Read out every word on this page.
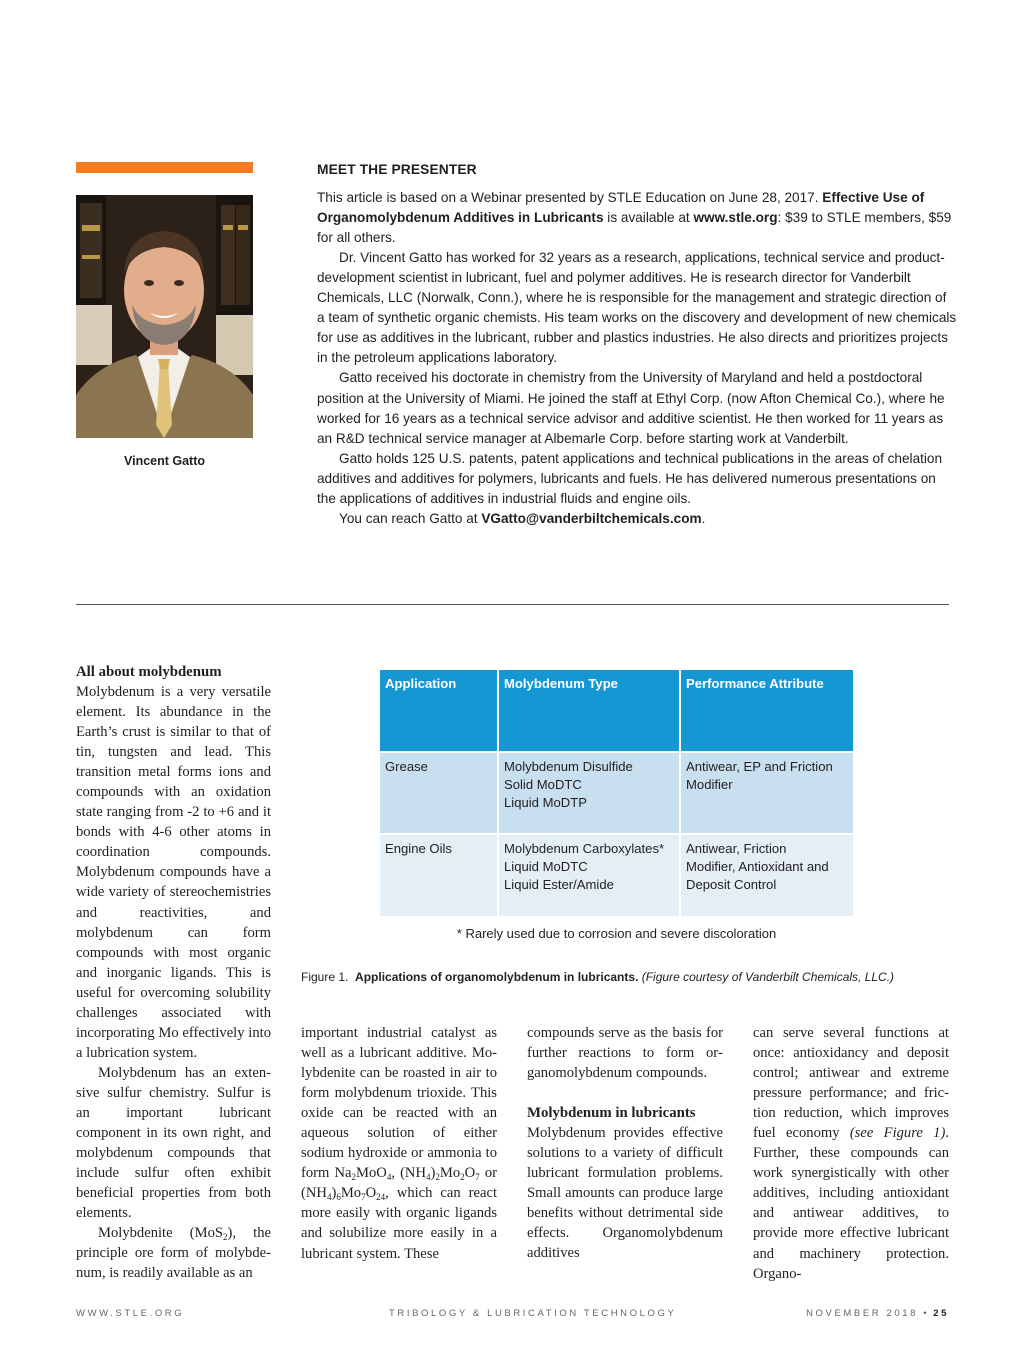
Vincent Gatto
MEET THE PRESENTER

This article is based on a Webinar presented by STLE Education on June 28, 2017. Effective Use of Organomolybdenum Additives in Lubricants is available at www.stle.org: $39 to STLE members, $59 for all others.

Dr. Vincent Gatto has worked for 32 years as a research, applications, technical service and product-development scientist in lubricant, fuel and polymer additives. He is research director for Vanderbilt Chemicals, LLC (Norwalk, Conn.), where he is responsible for the management and strategic direction of a team of synthetic organic chemists. His team works on the discovery and development of new chemicals for use as additives in the lubricant, rubber and plastics industries. He also directs and prioritizes projects in the petroleum applications laboratory.

Gatto received his doctorate in chemistry from the University of Maryland and held a postdoctoral position at the University of Miami. He joined the staff at Ethyl Corp. (now Afton Chemical Co.), where he worked for 16 years as a technical service advisor and additive scientist. He then worked for 11 years as an R&D technical service manager at Albemarle Corp. before starting work at Vanderbilt.

Gatto holds 125 U.S. patents, patent applications and technical publications in the areas of chelation additives and additives for polymers, lubricants and fuels. He has delivered numerous presentations on the applications of additives in industrial fluids and engine oils.

You can reach Gatto at VGatto@vanderbiltchemicals.com.

All about molybdenum

Molybdenum is a very versatile element. Its abundance in the Earth’s crust is similar to that of tin, tungsten and lead. This transition metal forms ions and compounds with an oxidation state ranging from -2 to +6 and it bonds with 4-6 other atoms in coordination compounds. Molybdenum compounds have a wide variety of stereochemistries and reactivities, and molybdenum can form compounds with most organic and inorganic ligands. This is useful for overcoming solubility challenges associated with incorporating Mo effectively into a lubrication system.

Molybdenum has an extensive sulfur chemistry. Sulfur is an important lubricant component in its own right, and molybdenum compounds that include sulfur often exhibit beneficial properties from both elements.

Molybdenite (MoS$_2$), the principle ore form of molybdenum, is readily available as an

Application	Molybdenum Type	Performance Attribute
Grease	Molybdenum Disulfide
Solid MoDTC
Liquid MoDTP	Antiwear, EP and Friction
Modifier

Engine Oils	Molybdenum Carboxylates*
Liquid MoDTC
Liquid Ester/Amide	Antiwear, Friction
Modifier, Antioxidant and
Deposit Control
* Rarely used due to corrosion and severe discoloration
Figure 1. Applications of organomolybdenum in lubricants. (Figure courtesy of Vanderbilt Chemicals, LLC.)

important industrial catalyst as well as a lubricant additive. Molybdenite can be roasted in air to form molybdenum trioxide. This oxide can be reacted with an aqueous solution of either sodium hydroxide or ammonia to form $Na_2MoO_4$, $(NH_4)_2Mo_2O_7$ or $(NH_4)_6Mo_7O_{24}$, which can react more easily with organic ligands and solubilize more easily in a lubricant system. These

compounds serve as the basis for further reactions to form organomolybdenum compounds.

Molybdenum in lubricants

Molybdenum provides effective solutions to a variety of difficult lubricant formulation problems. Small amounts can produce large benefits without detrimental side effects. Organomolybdenum additives

can serve several functions at once: antioxidancy and deposit control; antiwear and extreme pressure performance; and friction reduction, which improves fuel economy (see Figure 1). Further, these compounds can work synergistically with other additives, including antioxidant and antiwear additives, to provide more effective lubricant and machinery protection. Organo-

WWW.STLE.ORG	TRIBOLOGY & LUBRICATION TECHNOLOGY	NOVEMBER 2018 • 25
